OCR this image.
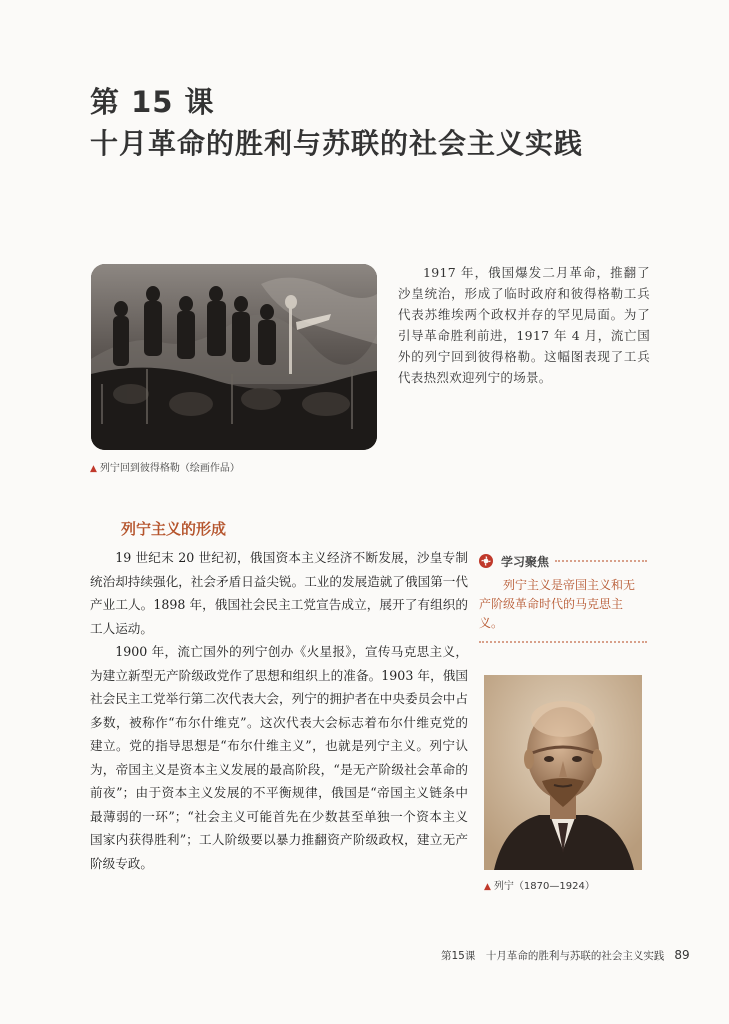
第 15 课
十月革命的胜利与苏联的社会主义实践
▲ 列宁回到彼得格勒（绘画作品）
1917 年，俄国爆发二月革命，推翻了沙皇统治，形成了临时政府和彼得格勒工兵代表苏维埃两个政权并存的罕见局面。为了引导革命胜利前进，1917 年 4 月，流亡国外的列宁回到彼得格勒。这幅图表现了工兵代表热烈欢迎列宁的场景。
列宁主义的形成

19 世纪末 20 世纪初，俄国资本主义经济不断发展，沙皇专制统治却持续强化，社会矛盾日益尖锐。工业的发展造就了俄国第一代产业工人。1898 年，俄国社会民主工党宣告成立，展开了有组织的工人运动。

1900 年，流亡国外的列宁创办《火星报》，宣传马克思主义，为建立新型无产阶级政党作了思想和组织上的准备。1903 年，俄国社会民主工党举行第二次代表大会，列宁的拥护者在中央委员会中占多数，被称作“布尔什维克”。这次代表大会标志着布尔什维克党的建立。党的指导思想是“布尔什维主义”，也就是列宁主义。列宁认为，帝国主义是资本主义发展的最高阶段，“是无产阶级社会革命的前夜”；由于资本主义发展的不平衡规律，俄国是“帝国主义链条中最薄弱的一环”；“社会主义可能首先在少数甚至单独一个资本主义国家内获得胜利”；工人阶级要以暴力推翻资产阶级政权，建立无产阶级专政。

学习聚焦
列宁主义是帝国主义和无产阶级革命时代的马克思主义。
▲ 列宁（1870—1924）
第15课　十月革命的胜利与苏联的社会主义实践 89
